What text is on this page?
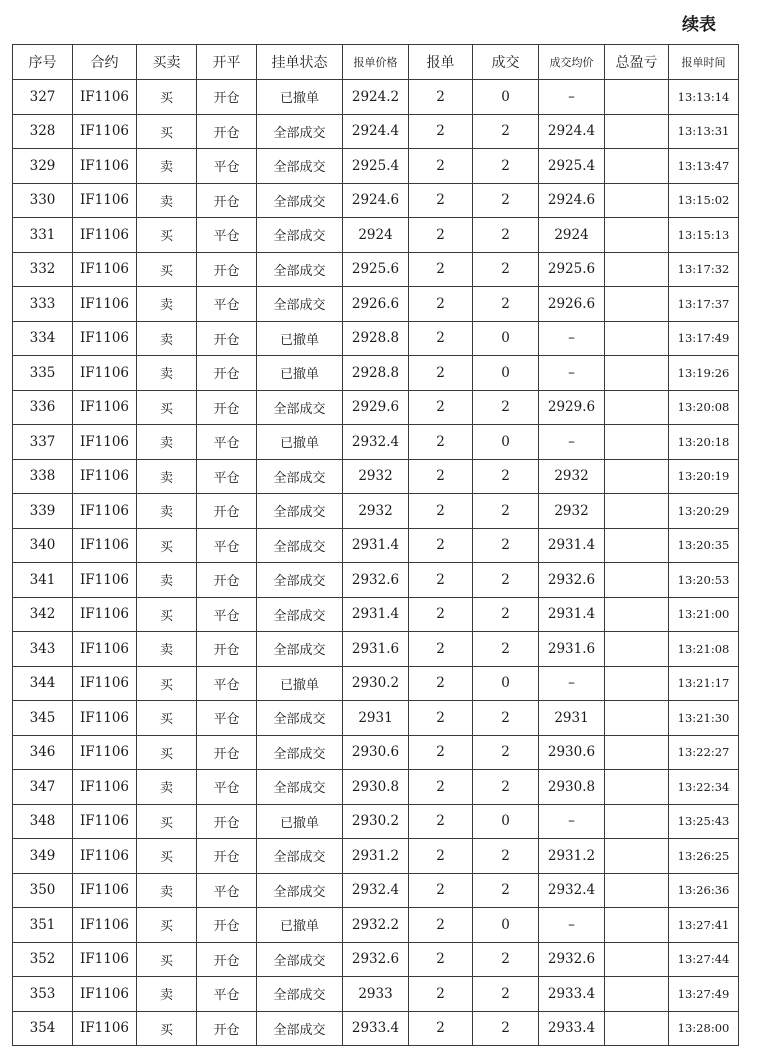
续表
序号	合约	买卖	开平	挂单状态	报单价格	报单	成交	成交均价	总盈亏	报单时间
327	IF1106	买	开仓	已撤单	2924.2	2	0	–		13:13:14
328	IF1106	买	开仓	全部成交	2924.4	2	2	2924.4		13:13:31
329	IF1106	卖	平仓	全部成交	2925.4	2	2	2925.4		13:13:47
330	IF1106	卖	开仓	全部成交	2924.6	2	2	2924.6		13:15:02
331	IF1106	买	平仓	全部成交	2924	2	2	2924		13:15:13
332	IF1106	买	开仓	全部成交	2925.6	2	2	2925.6		13:17:32
333	IF1106	卖	平仓	全部成交	2926.6	2	2	2926.6		13:17:37
334	IF1106	卖	开仓	已撤单	2928.8	2	0	–		13:17:49
335	IF1106	卖	开仓	已撤单	2928.8	2	0	–		13:19:26
336	IF1106	买	开仓	全部成交	2929.6	2	2	2929.6		13:20:08
337	IF1106	卖	平仓	已撤单	2932.4	2	0	–		13:20:18
338	IF1106	卖	平仓	全部成交	2932	2	2	2932		13:20:19
339	IF1106	卖	开仓	全部成交	2932	2	2	2932		13:20:29
340	IF1106	买	平仓	全部成交	2931.4	2	2	2931.4		13:20:35
341	IF1106	卖	开仓	全部成交	2932.6	2	2	2932.6		13:20:53
342	IF1106	买	平仓	全部成交	2931.4	2	2	2931.4		13:21:00
343	IF1106	卖	开仓	全部成交	2931.6	2	2	2931.6		13:21:08
344	IF1106	买	平仓	已撤单	2930.2	2	0	–		13:21:17
345	IF1106	买	平仓	全部成交	2931	2	2	2931		13:21:30
346	IF1106	买	开仓	全部成交	2930.6	2	2	2930.6		13:22:27
347	IF1106	卖	平仓	全部成交	2930.8	2	2	2930.8		13:22:34
348	IF1106	买	开仓	已撤单	2930.2	2	0	–		13:25:43
349	IF1106	买	开仓	全部成交	2931.2	2	2	2931.2		13:26:25
350	IF1106	卖	平仓	全部成交	2932.4	2	2	2932.4		13:26:36
351	IF1106	买	开仓	已撤单	2932.2	2	0	–		13:27:41
352	IF1106	买	开仓	全部成交	2932.6	2	2	2932.6		13:27:44
353	IF1106	卖	平仓	全部成交	2933	2	2	2933.4		13:27:49
354	IF1106	买	开仓	全部成交	2933.4	2	2	2933.4		13:28:00
